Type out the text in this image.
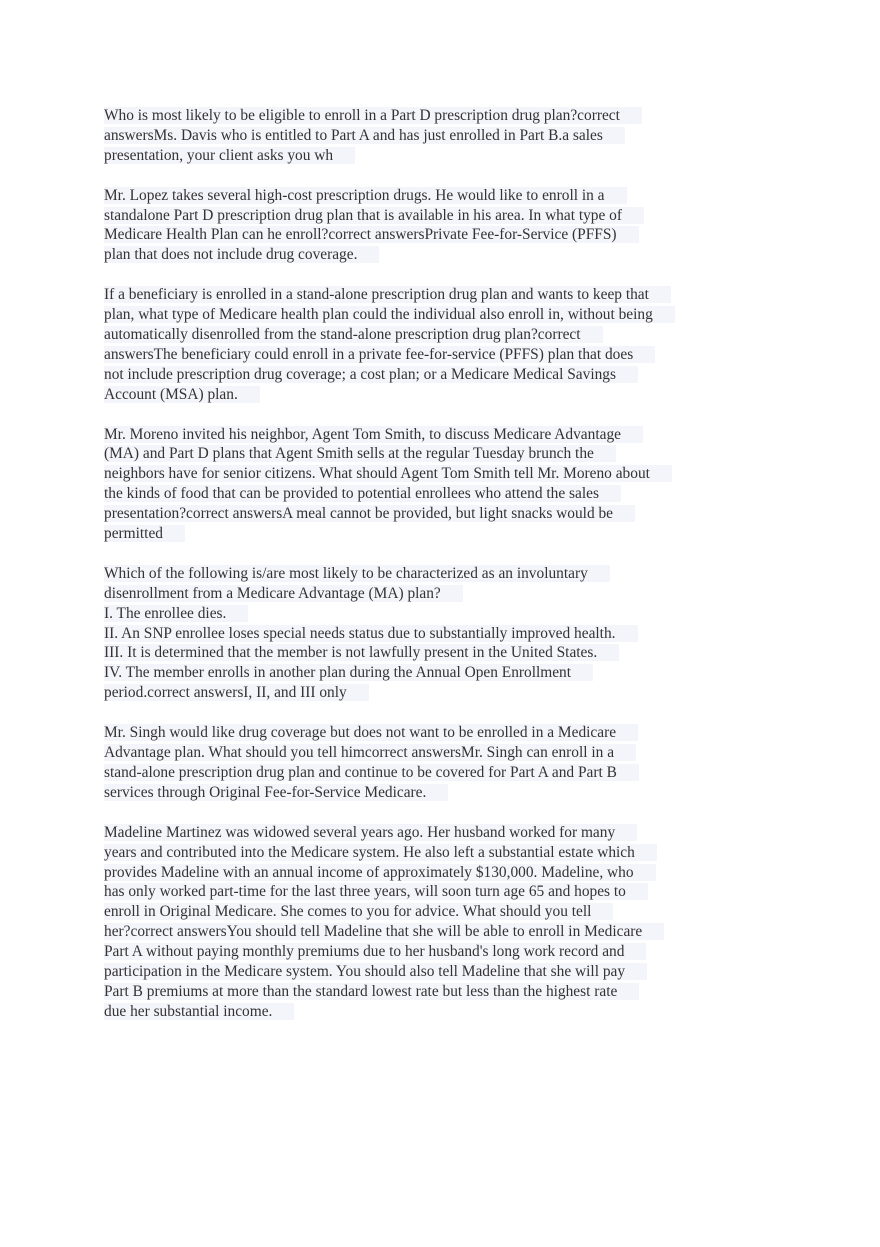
Who is most likely to be eligible to enroll in a Part D prescription drug plan?correct
answersMs. Davis who is entitled to Part A and has just enrolled in Part B.a sales
presentation, your client asks you wh
Mr. Lopez takes several high-cost prescription drugs. He would like to enroll in a
standalone Part D prescription drug plan that is available in his area. In what type of
Medicare Health Plan can he enroll?correct answersPrivate Fee-for-Service (PFFS)
plan that does not include drug coverage.
If a beneficiary is enrolled in a stand-alone prescription drug plan and wants to keep that
plan, what type of Medicare health plan could the individual also enroll in, without being
automatically disenrolled from the stand-alone prescription drug plan?correct
answersThe beneficiary could enroll in a private fee-for-service (PFFS) plan that does
not include prescription drug coverage; a cost plan; or a Medicare Medical Savings
Account (MSA) plan.
Mr. Moreno invited his neighbor, Agent Tom Smith, to discuss Medicare Advantage
(MA) and Part D plans that Agent Smith sells at the regular Tuesday brunch the
neighbors have for senior citizens. What should Agent Tom Smith tell Mr. Moreno about
the kinds of food that can be provided to potential enrollees who attend the sales
presentation?correct answersA meal cannot be provided, but light snacks would be
permitted
Which of the following is/are most likely to be characterized as an involuntary
disenrollment from a Medicare Advantage (MA) plan?
I. The enrollee dies.
II. An SNP enrollee loses special needs status due to substantially improved health.
III. It is determined that the member is not lawfully present in the United States.
IV. The member enrolls in another plan during the Annual Open Enrollment
period.correct answersI, II, and III only
Mr. Singh would like drug coverage but does not want to be enrolled in a Medicare
Advantage plan. What should you tell himcorrect answersMr. Singh can enroll in a
stand-alone prescription drug plan and continue to be covered for Part A and Part B
services through Original Fee-for-Service Medicare.
Madeline Martinez was widowed several years ago. Her husband worked for many
years and contributed into the Medicare system. He also left a substantial estate which
provides Madeline with an annual income of approximately $130,000. Madeline, who
has only worked part-time for the last three years, will soon turn age 65 and hopes to
enroll in Original Medicare. She comes to you for advice. What should you tell
her?correct answersYou should tell Madeline that she will be able to enroll in Medicare
Part A without paying monthly premiums due to her husband's long work record and
participation in the Medicare system. You should also tell Madeline that she will pay
Part B premiums at more than the standard lowest rate but less than the highest rate
due her substantial income.
